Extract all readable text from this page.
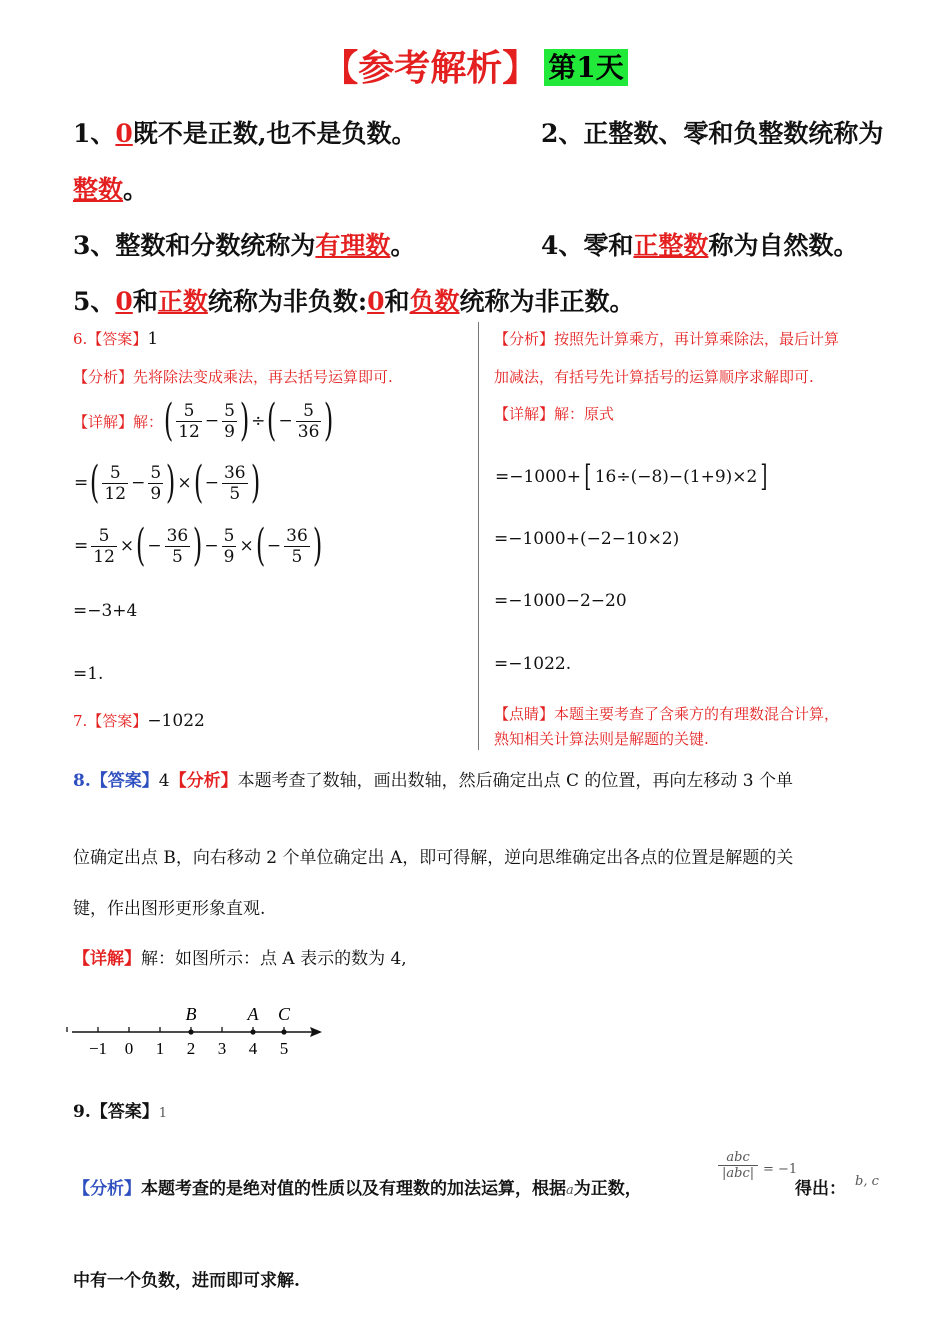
【参考解析】 第1天
1、0既不是正数,也不是负数。	2、正整数、零和负整数统称为
整数。
3、整数和分数统称为有理数。	4、零和正整数称为自然数。
5、0和正数统称为非负数:0和负数统称为非正数。
6.【答案】1
【分析】先将除法变成乘法，再去括号运算即可.
【详解】 解： ( $\frac{5}{12} - \frac{5}{9}$ ) ÷ ( − $\frac{5}{36}$ )
= ( $\frac{5}{12} - \frac{5}{9}$ ) × ( − $\frac{36}{5}$ )
= $\frac{5}{12}$ × ( − $\frac{36}{5}$ ) − $\frac{5}{9}$ × ( − $\frac{36}{5}$ )
=−3+4
=1.
7.【答案】−1022
【分析】按照先计算乘方，再计算乘除法，最后计算
加减法，有括号先计算括号的运算顺序求解即可.
【详解】解：原式
=−1000+ [ 16÷(−8)−(1+9)×2 ]
=−1000+(−2−10×2)
=−1000−2−20
=−1022.
【点睛】本题主要考查了含乘方的有理数混合计算，
熟知相关计算法则是解题的关键.
8.【答案】4【分析】本题考查了数轴，画出数轴，然后确定出点 C 的位置，再向左移动 3 个单
位确定出点 B，向右移动 2 个单位确定出 A，即可得解，逆向思维确定出各点的位置是解题的关
键，作出图形更形象直观.
【详解】解：如图所示：点 A 表示的数为 4,
−1 0 1 2 3 4 5
B	A C
9.【答案】1
【分析】本题考查的是绝对值的性质以及有理数的加法运算，根据a为正数，
abc
|abc| = −1
得出： b, c
中有一个负数，进而即可求解.
